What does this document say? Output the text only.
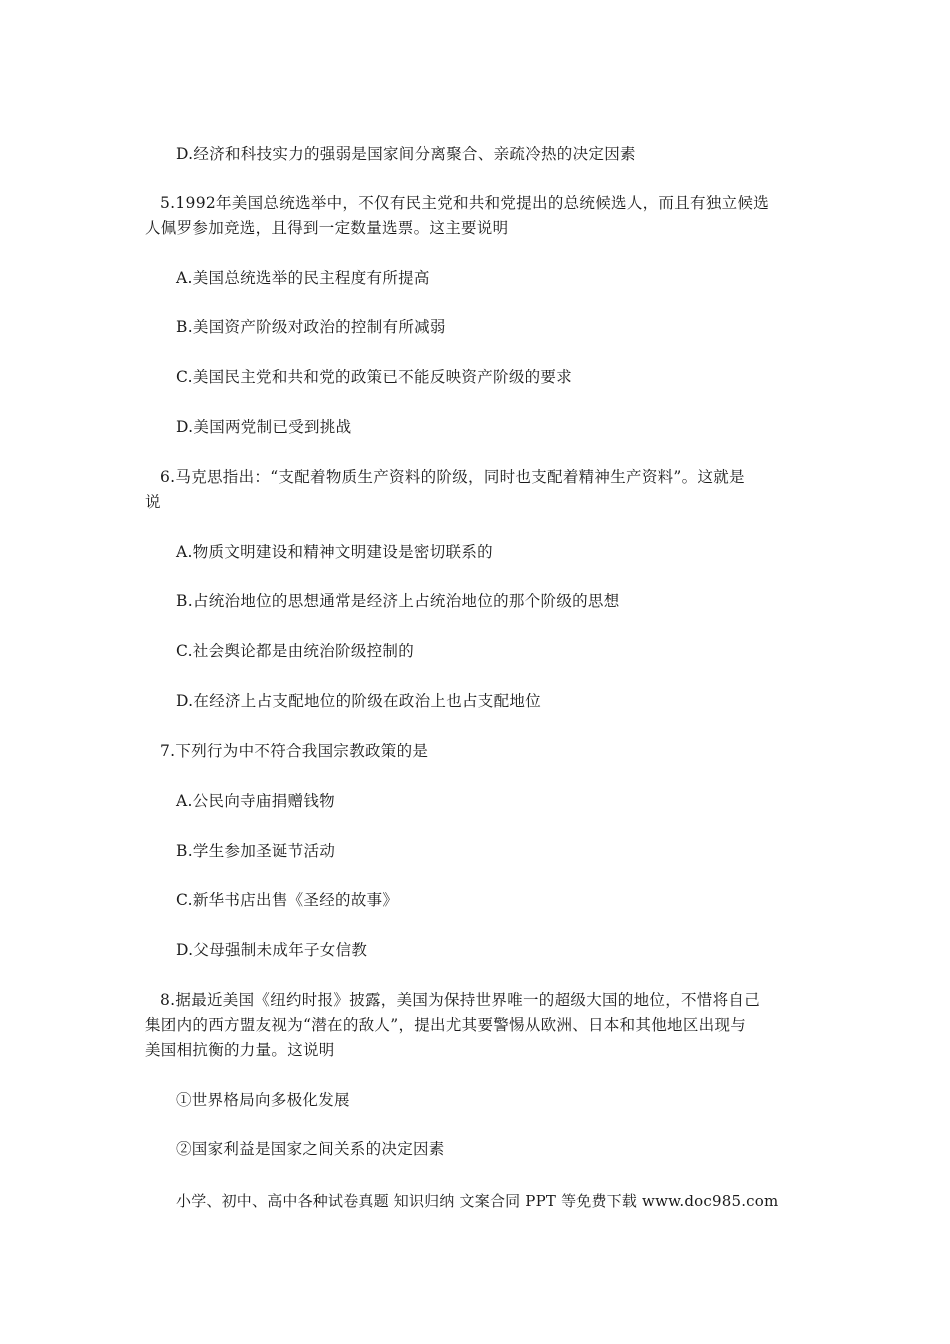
D.经济和科技实力的强弱是国家间分离聚合、亲疏冷热的决定因素
5.1992年美国总统选举中，不仅有民主党和共和党提出的总统候选人，而且有独立候选
人佩罗参加竞选，且得到一定数量选票。这主要说明
A.美国总统选举的民主程度有所提高
B.美国资产阶级对政治的控制有所减弱
C.美国民主党和共和党的政策已不能反映资产阶级的要求
D.美国两党制已受到挑战
6.马克思指出：“支配着物质生产资料的阶级，同时也支配着精神生产资料”。这就是
说
A.物质文明建设和精神文明建设是密切联系的
B.占统治地位的思想通常是经济上占统治地位的那个阶级的思想
C.社会舆论都是由统治阶级控制的
D.在经济上占支配地位的阶级在政治上也占支配地位
7.下列行为中不符合我国宗教政策的是
A.公民向寺庙捐赠钱物
B.学生参加圣诞节活动
C.新华书店出售《圣经的故事》
D.父母强制未成年子女信教
8.据最近美国《纽约时报》披露，美国为保持世界唯一的超级大国的地位，不惜将自己
集团内的西方盟友视为“潜在的敌人”，提出尤其要警惕从欧洲、日本和其他地区出现与
美国相抗衡的力量。这说明
①世界格局向多极化发展
②国家利益是国家之间关系的决定因素
小学、初中、高中各种试卷真题 知识归纳 文案合同 PPT 等免费下载 www.doc985.com
